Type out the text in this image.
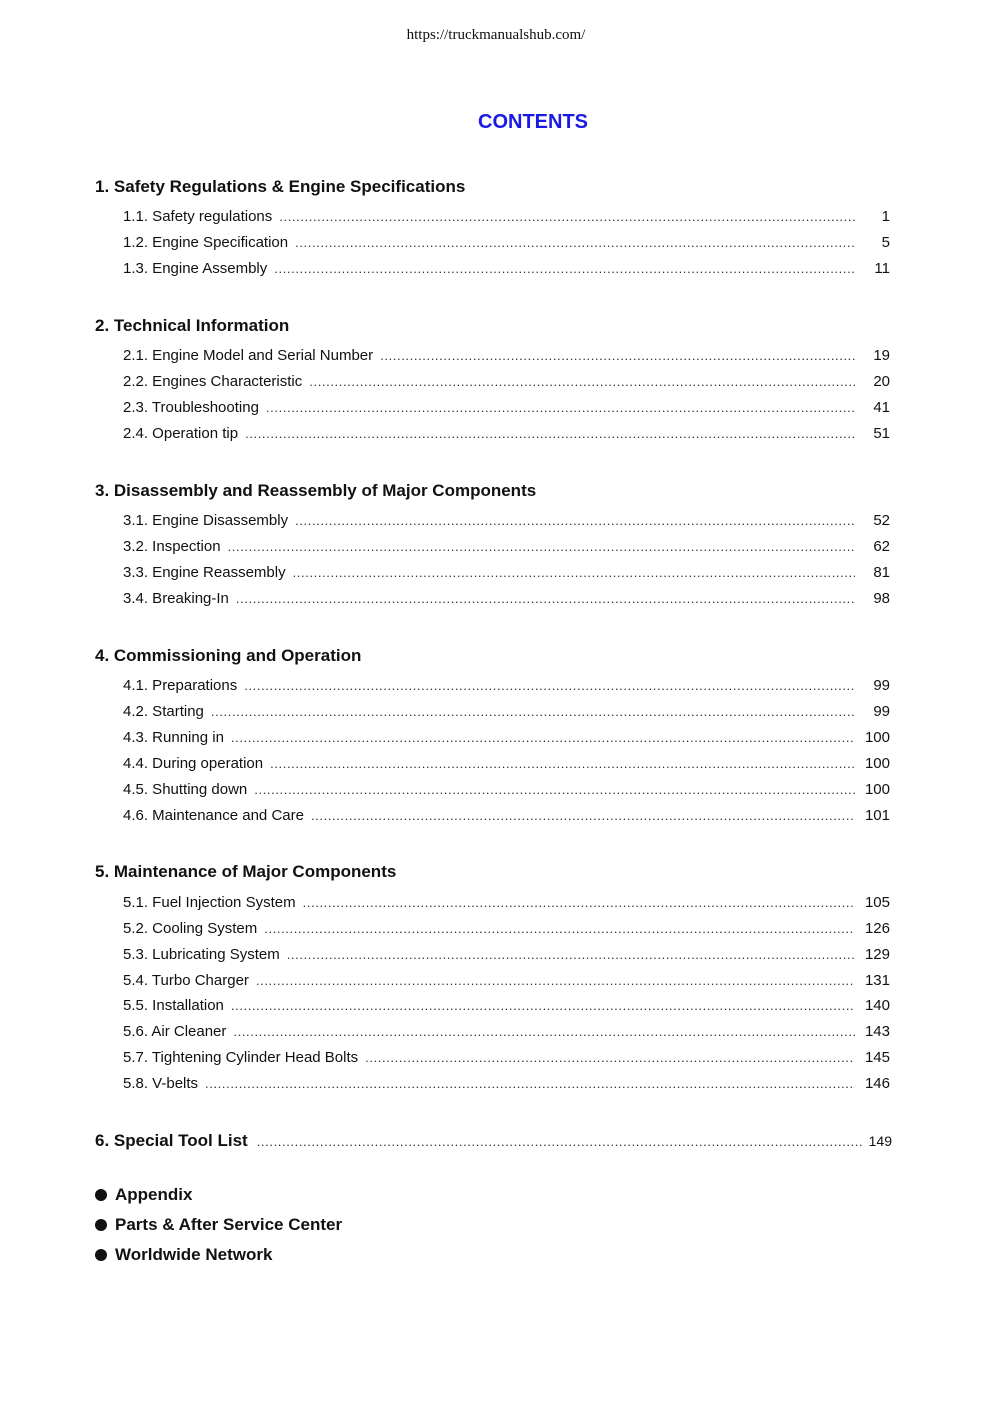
https://truckmanualshub.com/
CONTENTS
1. Safety Regulations & Engine Specifications
1.1. Safety regulations .....	1
1.2. Engine Specification .....	5
1.3. Engine Assembly .....	11
2. Technical Information
2.1. Engine Model and Serial Number .....	19
2.2. Engines Characteristic .....	20
2.3. Troubleshooting .....	41
2.4. Operation tip .....	51
3. Disassembly and Reassembly of Major Components
3.1. Engine Disassembly .....	52
3.2. Inspection .....	62
3.3. Engine Reassembly .....	81
3.4. Breaking-In .....	98
4. Commissioning and Operation
4.1. Preparations .....	99
4.2. Starting .....	99
4.3. Running in .....	100
4.4. During operation .....	100
4.5. Shutting down .....	100
4.6. Maintenance and Care .....	101
5. Maintenance of Major Components
5.1. Fuel Injection System .....	105
5.2. Cooling System .....	126
5.3. Lubricating System .....	129
5.4. Turbo Charger .....	131
5.5. Installation .....	140
5.6. Air Cleaner .....	143
5.7. Tightening Cylinder Head Bolts .....	145
5.8. V-belts .....	146
6. Special Tool List .....	149
Appendix
Parts & After Service Center
Worldwide Network
